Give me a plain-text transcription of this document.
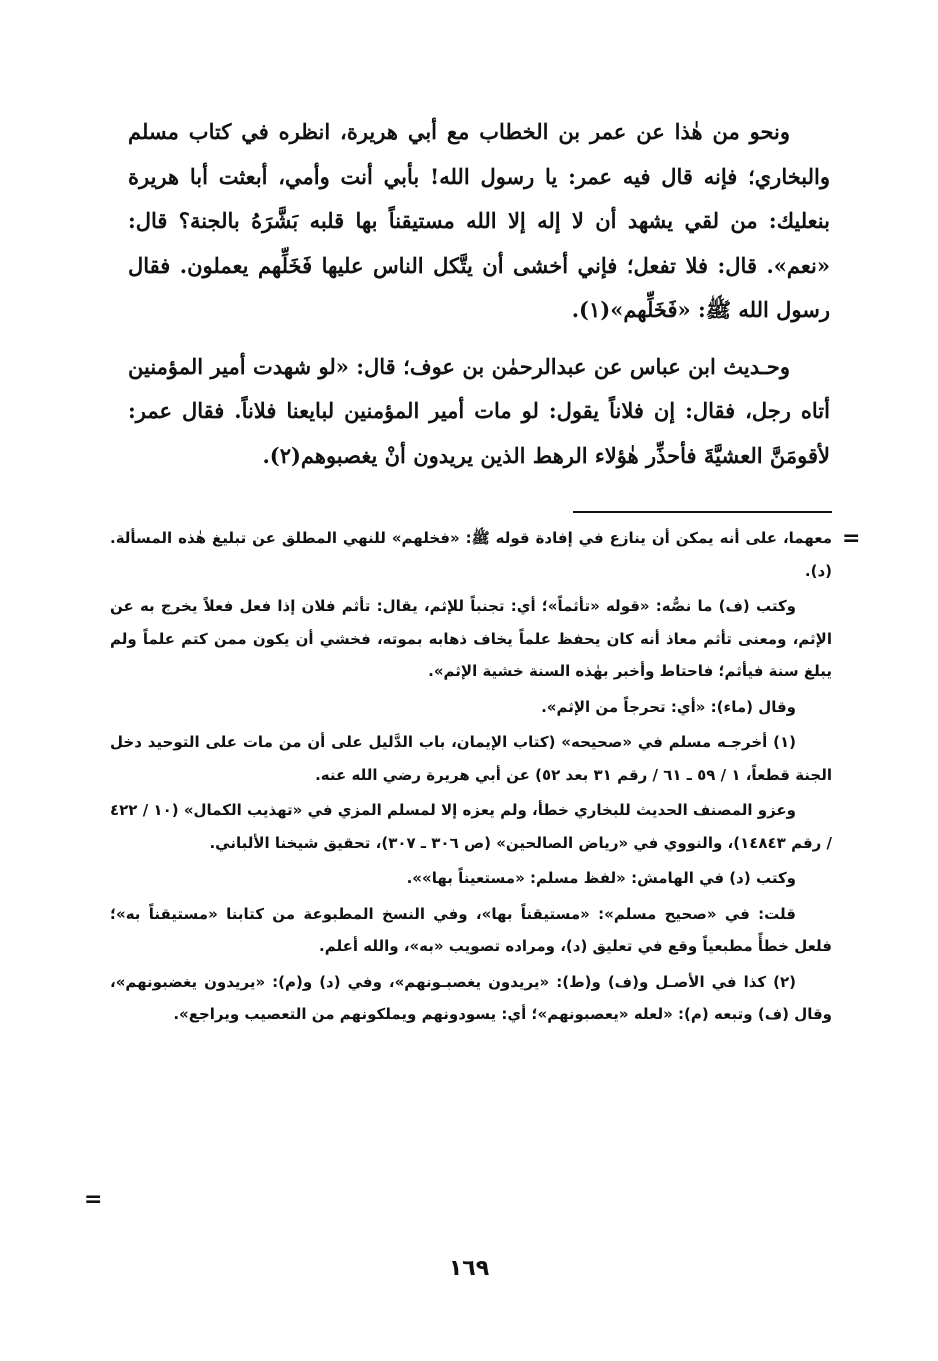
ونحو من هٰذا عن عمر بن الخطاب مع أبي هريرة، انظره في كتاب مسلم والبخاري؛ فإنه قال فيه عمر: يا رسول الله! بأبي أنت وأمي، أبعثت أبا هريرة بنعليك: من لقي يشهد أن لا إله إلا الله مستيقناً بها قلبه بَشَّرَهُ بالجنة؟ قال: «نعم». قال: فلا تفعل؛ فإني أخشى أن يتَّكل الناس عليها فَخَلِّهم يعملون. فقال رسول الله ﷺ: «فَخَلِّهم»(١).

وحـديث ابن عباس عن عبدالرحمٰن بن عوف؛ قال: «لو شهدت أمير المؤمنين أتاه رجل، فقال: إن فلاناً يقول: لو مات أمير المؤمنين لبايعنا فلاناً. فقال عمر: لأقومَنَّ العشيَّةَ فأحذِّر هٰؤلاء الرهط الذين يريدون أنْ يغصبوهم(٢).

=

معهما، على أنه يمكن أن ينازع في إفادة قوله ﷺ: «فخلهم» للنهي المطلق عن تبليغ هٰذه المسألة. (د).

وكتب (ف) ما نصُّه: «قوله «تأثماً»؛ أي: تجنباً للإثم، يقال: تأثم فلان إذا فعل فعلاً يخرج به عن الإثم، ومعنى تأثم معاذ أنه كان يحفظ علماً يخاف ذهابه بموته، فخشي أن يكون ممن كتم علماً ولم يبلغ سنة فيأثم؛ فاحتاط وأخبر بهٰذه السنة خشية الإثم».

وقال (ماء): «أي: تحرجاً من الإثم».

(١) أخرجـه مسلم في «صحيحه» (كتاب الإيمان، باب الدَّليل على أن من مات على التوحيد دخل الجنة قطعاً، ١ / ٥٩ ـ ٦١ / رقم ٣١ بعد ٥٢) عن أبي هريرة رضي الله عنه.

وعزو المصنف الحديث للبخاري خطأ، ولم يعزه إلا لمسلم المزي في «تهذيب الكمال» (١٠ / ٤٢٢ / رقم ١٤٨٤٣)، والنووي في «رياض الصالحين» (ص ٣٠٦ ـ ٣٠٧)، تحقيق شيخنا الألباني.

وكتب (د) في الهامش: «لفظ مسلم: «مستعيناً بها»».

قلت: في «صحيح مسلم»: «مستيقناً بها»، وفي النسخ المطبوعة من كتابنا «مستيقناً به»؛ فلعل خطأً مطبعياً وقع في تعليق (د)، ومراده تصويب «به»، والله أعلم.

(٢) كذا في الأصـل و(ف) و(ط): «يريدون يغصبـونهم»، وفي (د) و(م): «يريدون يغضبونهم»، وقال (ف) وتبعه (م): «لعله «يعصبونهم»؛ أي: يسودونهم ويملكونهم من التعصيب ويراجع».

=
١٦٩
